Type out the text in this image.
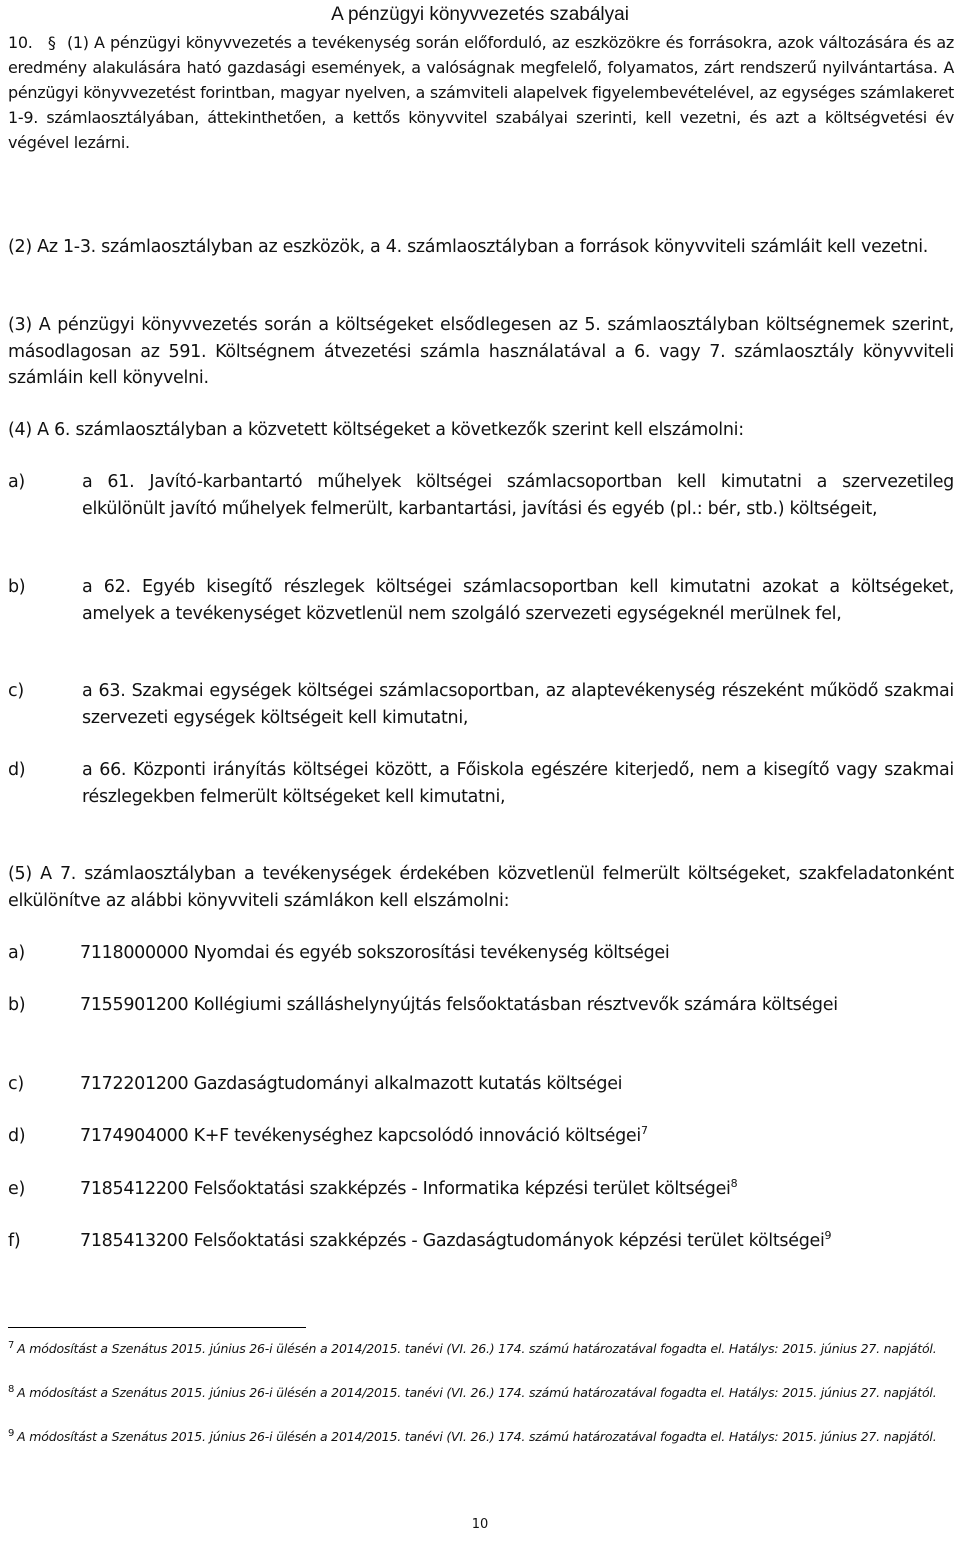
A pénzügyi könyvvezetés szabályai
10. § (1) A pénzügyi könyvvezetés a tevékenység során előforduló, az eszközökre és forrásokra, azok változására és az eredmény alakulására ható gazdasági események, a valóságnak megfelelő, folyamatos, zárt rendszerű nyilvántartása. A pénzügyi könyvvezetést forintban, magyar nyelven, a számviteli alapelvek figyelembevételével, az egységes számlakeret 1-9. számlaosztályában, áttekinthetően, a kettős könyvvitel szabályai szerinti, kell vezetni, és azt a költségvetési év végével lezárni.
(2) Az 1-3. számlaosztályban az eszközök, a 4. számlaosztályban a források könyvviteli számláit kell vezetni.
(3) A pénzügyi könyvvezetés során a költségeket elsődlegesen az 5. számlaosztályban költségnemek szerint, másodlagosan az 591. Költségnem átvezetési számla használatával a 6. vagy 7. számlaosztály könyvviteli számláin kell könyvelni.
(4) A 6. számlaosztályban a közvetett költségeket a következők szerint kell elszámolni:
a)	a 61. Javító-karbantartó műhelyek költségei számlacsoportban kell kimutatni a szervezetileg elkülönült javító műhelyek felmerült, karbantartási, javítási és egyéb (pl.: bér, stb.) költségeit,
b)	a 62. Egyéb kisegítő részlegek költségei számlacsoportban kell kimutatni azokat a költségeket, amelyek a tevékenységet közvetlenül nem szolgáló szervezeti egységeknél merülnek fel,
c)	a 63. Szakmai egységek költségei számlacsoportban, az alaptevékenység részeként működő szakmai szervezeti egységek költségeit kell kimutatni,
d)	a 66. Központi irányítás költségei között, a Főiskola egészére kiterjedő, nem a kisegítő vagy szakmai részlegekben felmerült költségeket kell kimutatni,
(5) A 7. számlaosztályban a tevékenységek érdekében közvetlenül felmerült költségeket, szakfeladatonként elkülönítve az alábbi könyvviteli számlákon kell elszámolni:
a)	7118000000 Nyomdai és egyéb sokszorosítási tevékenység költségei
b)	7155901200 Kollégiumi szálláshelynyújtás felsőoktatásban résztvevők számára költségei
c)	7172201200 Gazdaságtudományi alkalmazott kutatás költségei
d)	7174904000 K+F tevékenységhez kapcsolódó innováció költségei$^7$
e)	7185412200 Felsőoktatási szakképzés - Informatika képzési terület költségei$^8$
f)	7185413200 Felsőoktatási szakképzés - Gazdaságtudományok képzési terület költségei$^9$
$^7$ A módosítást a Szenátus 2015. június 26-i ülésén a 2014/2015. tanévi (VI. 26.) 174. számú határozatával fogadta el. Hatálys: 2015. június 27. napjától.
$^8$ A módosítást a Szenátus 2015. június 26-i ülésén a 2014/2015. tanévi (VI. 26.) 174. számú határozatával fogadta el. Hatálys: 2015. június 27. napjától.
$^9$ A módosítást a Szenátus 2015. június 26-i ülésén a 2014/2015. tanévi (VI. 26.) 174. számú határozatával fogadta el. Hatálys: 2015. június 27. napjától.
10
